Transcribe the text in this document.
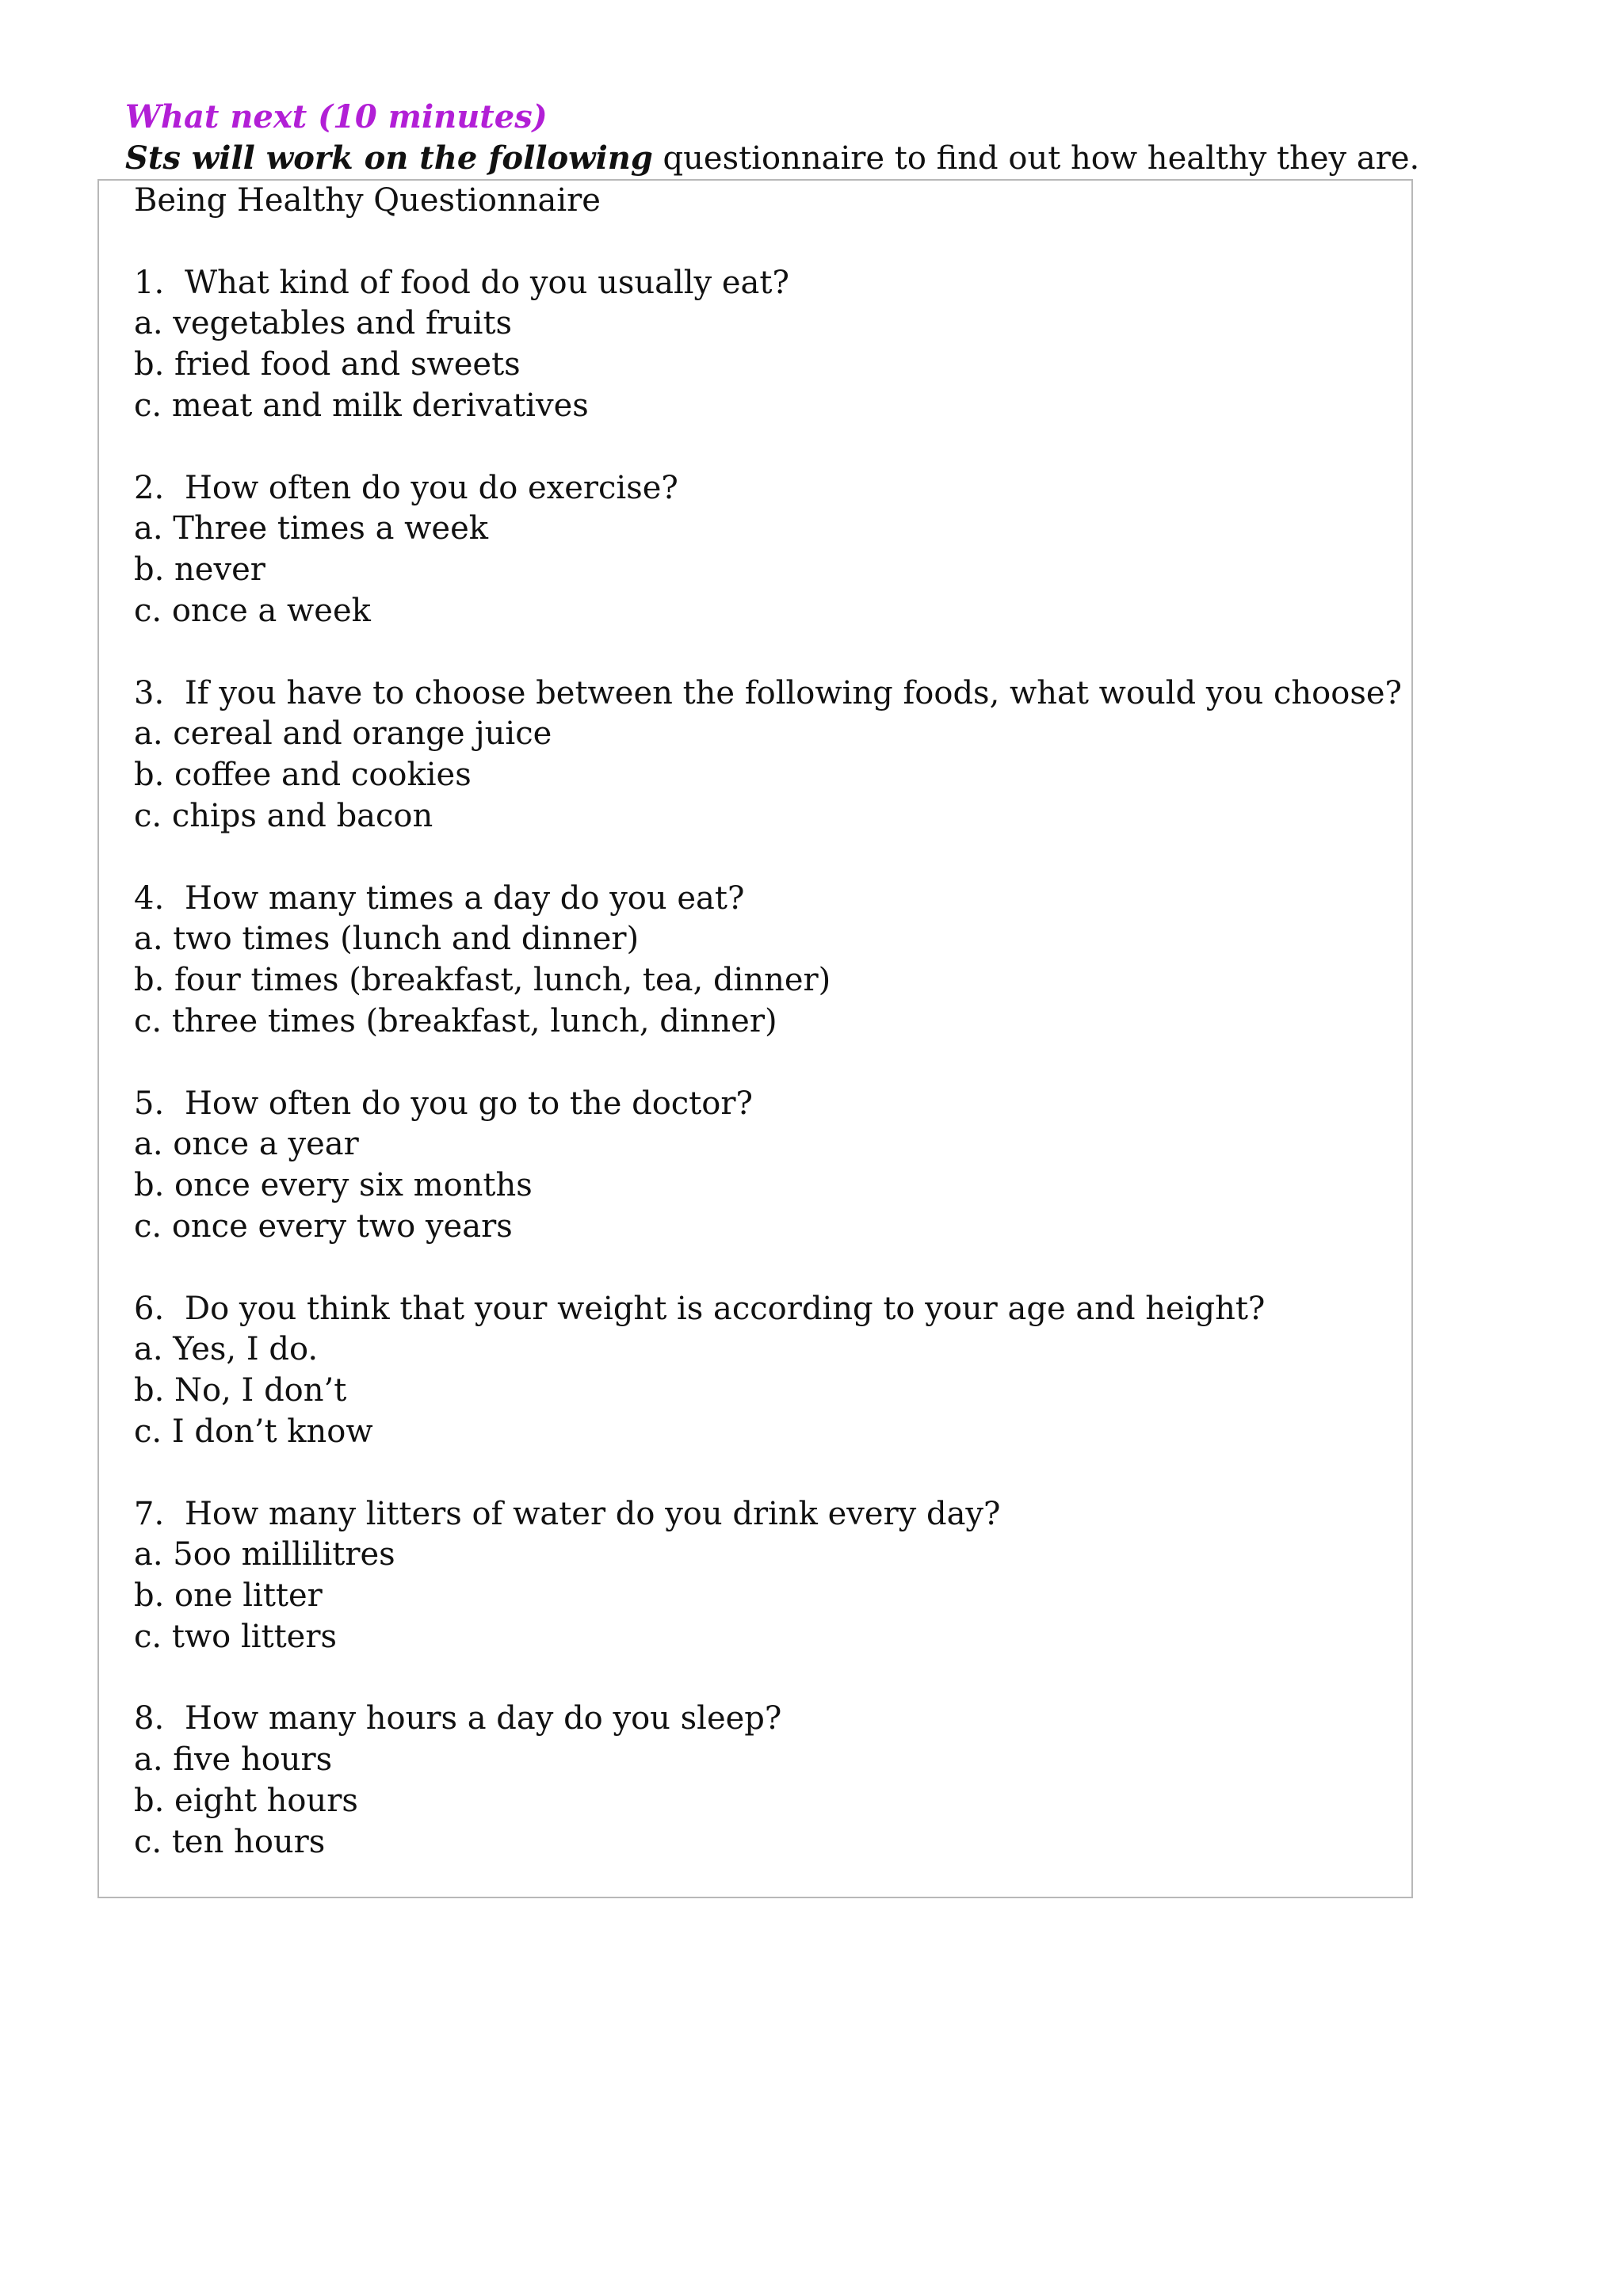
What next (10 minutes)
Sts will work on the following questionnaire to find out how healthy they are.
Being Healthy Questionnaire
1. What kind of food do you usually eat?
a. vegetables and fruits
b. fried food and sweets
c. meat and milk derivatives
2. How often do you do exercise?
a. Three times a week
b. never
c. once a week
3. If you have to choose between the following foods, what would you choose?
a. cereal and orange juice
b. coffee and cookies
c. chips and bacon
4. How many times a day do you eat?
a. two times (lunch and dinner)
b. four times (breakfast, lunch, tea, dinner)
c. three times (breakfast, lunch, dinner)
5. How often do you go to the doctor?
a. once a year
b. once every six months
c. once every two years
6. Do you think that your weight is according to your age and height?
a. Yes, I do.
b. No, I don’t
c. I don’t know
7. How many litters of water do you drink every day?
a. 5oo millilitres
b. one litter
c. two litters
8. How many hours a day do you sleep?
a. five hours
b. eight hours
c. ten hours
